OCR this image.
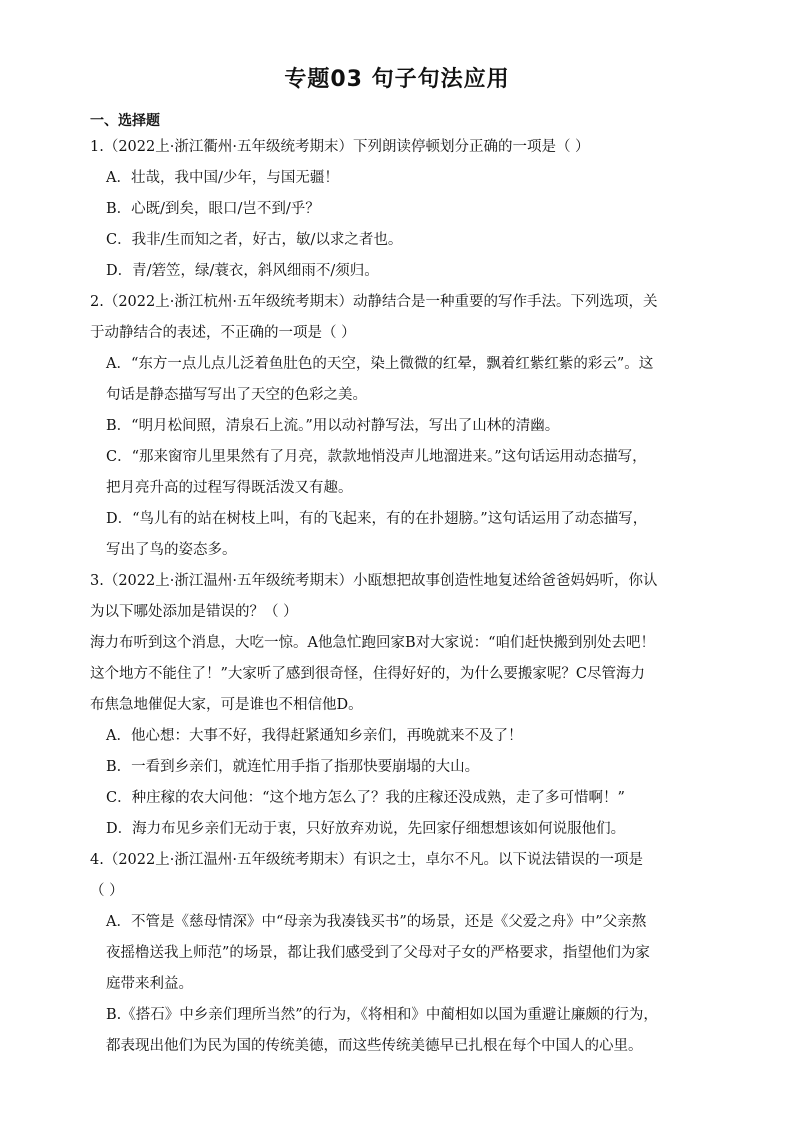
专题03 句子句法应用
一、选择题
1.（2022上·浙江衢州·五年级统考期末）下列朗读停顿划分正确的一项是（ ）
A．壮哉，我中国/少年，与国无疆！
B．心既/到矣，眼口/岂不到/乎？
C．我非/生而知之者，好古，敏/以求之者也。
D．青/箬笠，绿/蓑衣，斜风细雨不/须归。
2.（2022上·浙江杭州·五年级统考期末）动静结合是一种重要的写作手法。下列选项，关
于动静结合的表述，不正确的一项是（ ）
A．“东方一点儿点儿泛着鱼肚色的天空，染上微微的红晕，飘着红紫红紫的彩云”。这
句话是静态描写写出了天空的色彩之美。
B．“明月松间照，清泉石上流。”用以动衬静写法，写出了山林的清幽。
C．“那来窗帘儿里果然有了月亮，款款地悄没声儿地溜进来。”这句话运用动态描写，
把月亮升高的过程写得既活泼又有趣。
D．“鸟儿有的站在树枝上叫，有的飞起来，有的在扑翅膀。”这句话运用了动态描写，
写出了鸟的姿态多。
3.（2022上·浙江温州·五年级统考期末）小瓯想把故事创造性地复述给爸爸妈妈听，你认
为以下哪处添加是错误的？（ ）
海力布听到这个消息，大吃一惊。A他急忙跑回家B对大家说：“咱们赶快搬到别处去吧！
这个地方不能住了！”大家听了感到很奇怪，住得好好的，为什么要搬家呢？C尽管海力
布焦急地催促大家，可是谁也不相信他D。
A．他心想：大事不好，我得赶紧通知乡亲们，再晚就来不及了！
B．一看到乡亲们，就连忙用手指了指那快要崩塌的大山。
C．种庄稼的农大问他：“这个地方怎么了？我的庄稼还没成熟，走了多可惜啊！”
D．海力布见乡亲们无动于衷，只好放弃劝说，先回家仔细想想该如何说服他们。
4.（2022上·浙江温州·五年级统考期末）有识之士，卓尔不凡。以下说法错误的一项是
（ ）
A．不管是《慈母情深》中“母亲为我凑钱买书”的场景，还是《父爱之舟》中”父亲熬
夜摇橹送我上师范”的场景，都让我们感受到了父母对子女的严格要求，指望他们为家
庭带来利益。
B.《搭石》中乡亲们理所当然”的行为，《将相和》中蔺相如以国为重避让廉颇的行为，
都表现出他们为民为国的传统美德，而这些传统美德早已扎根在每个中国人的心里。
